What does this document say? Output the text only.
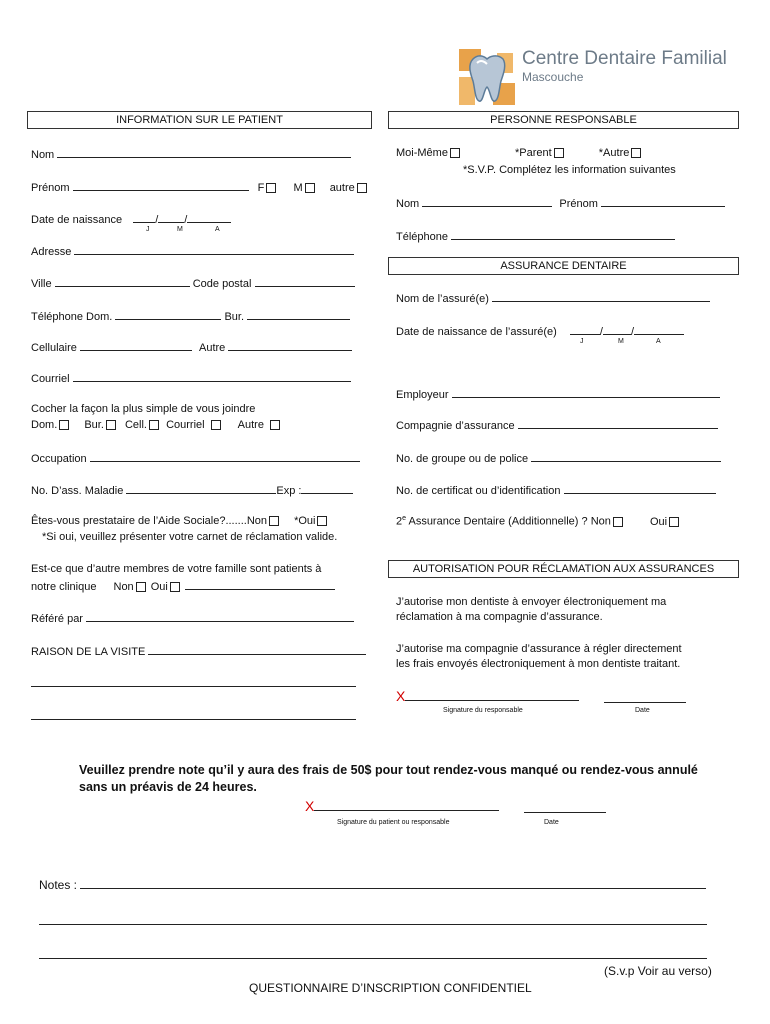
Centre Dentaire Familial
Mascouche
INFORMATION SUR LE PATIENT	PERSONNE RESPONSABLE
Nom
Prénom	F	M autre
Date de naissance	/ /
J	M	A
Adresse
Ville	Code postal
Téléphone Dom.	Bur.
Cellulaire	Autre
Courriel
Cocher la façon la plus simple de vous joindre
Dom. Bur. Cell. Courriel	Autre
Occupation
No. D’ass. Maladie	Exp :
Êtes-vous prestataire de l’Aide Sociale?.......Non *Oui
*Si oui, veuillez présenter votre carnet de réclamation valide.
Est-ce que d’autre membres de votre famille sont patients à
notre clinique Non Oui
Référé par
RAISON DE LA VISITE
Moi-Même	*Parent	*Autre
*S.V.P. Complétez les information suivantes
Nom	Prénom
Téléphone
ASSURANCE DENTAIRE
Nom de l’assuré(e)
Date de naissance de l’assuré(e)	/	/
J	M	A
Employeur
Compagnie d’assurance
No. de groupe ou de police
No. de certificat ou d’identification
2e Assurance Dentaire (Additionnelle) ? Non	Oui
AUTORISATION POUR RÉCLAMATION AUX ASSURANCES
J’autorise mon dentiste à envoyer électroniquement ma
réclamation à ma compagnie d’assurance.
J’autorise ma compagnie d’assurance à régler directement
les frais envoyés électroniquement à mon dentiste traitant.
X
Signature du responsable	Date
Veuillez prendre note qu’il y aura des frais de 50$ pour tout rendez-vous manqué ou rendez-vous annulé
sans un préavis de 24 heures.
X
Signature du patient ou responsable	Date
Notes :
(S.v.p Voir au verso)
QUESTIONNAIRE D’INSCRIPTION CONFIDENTIEL
